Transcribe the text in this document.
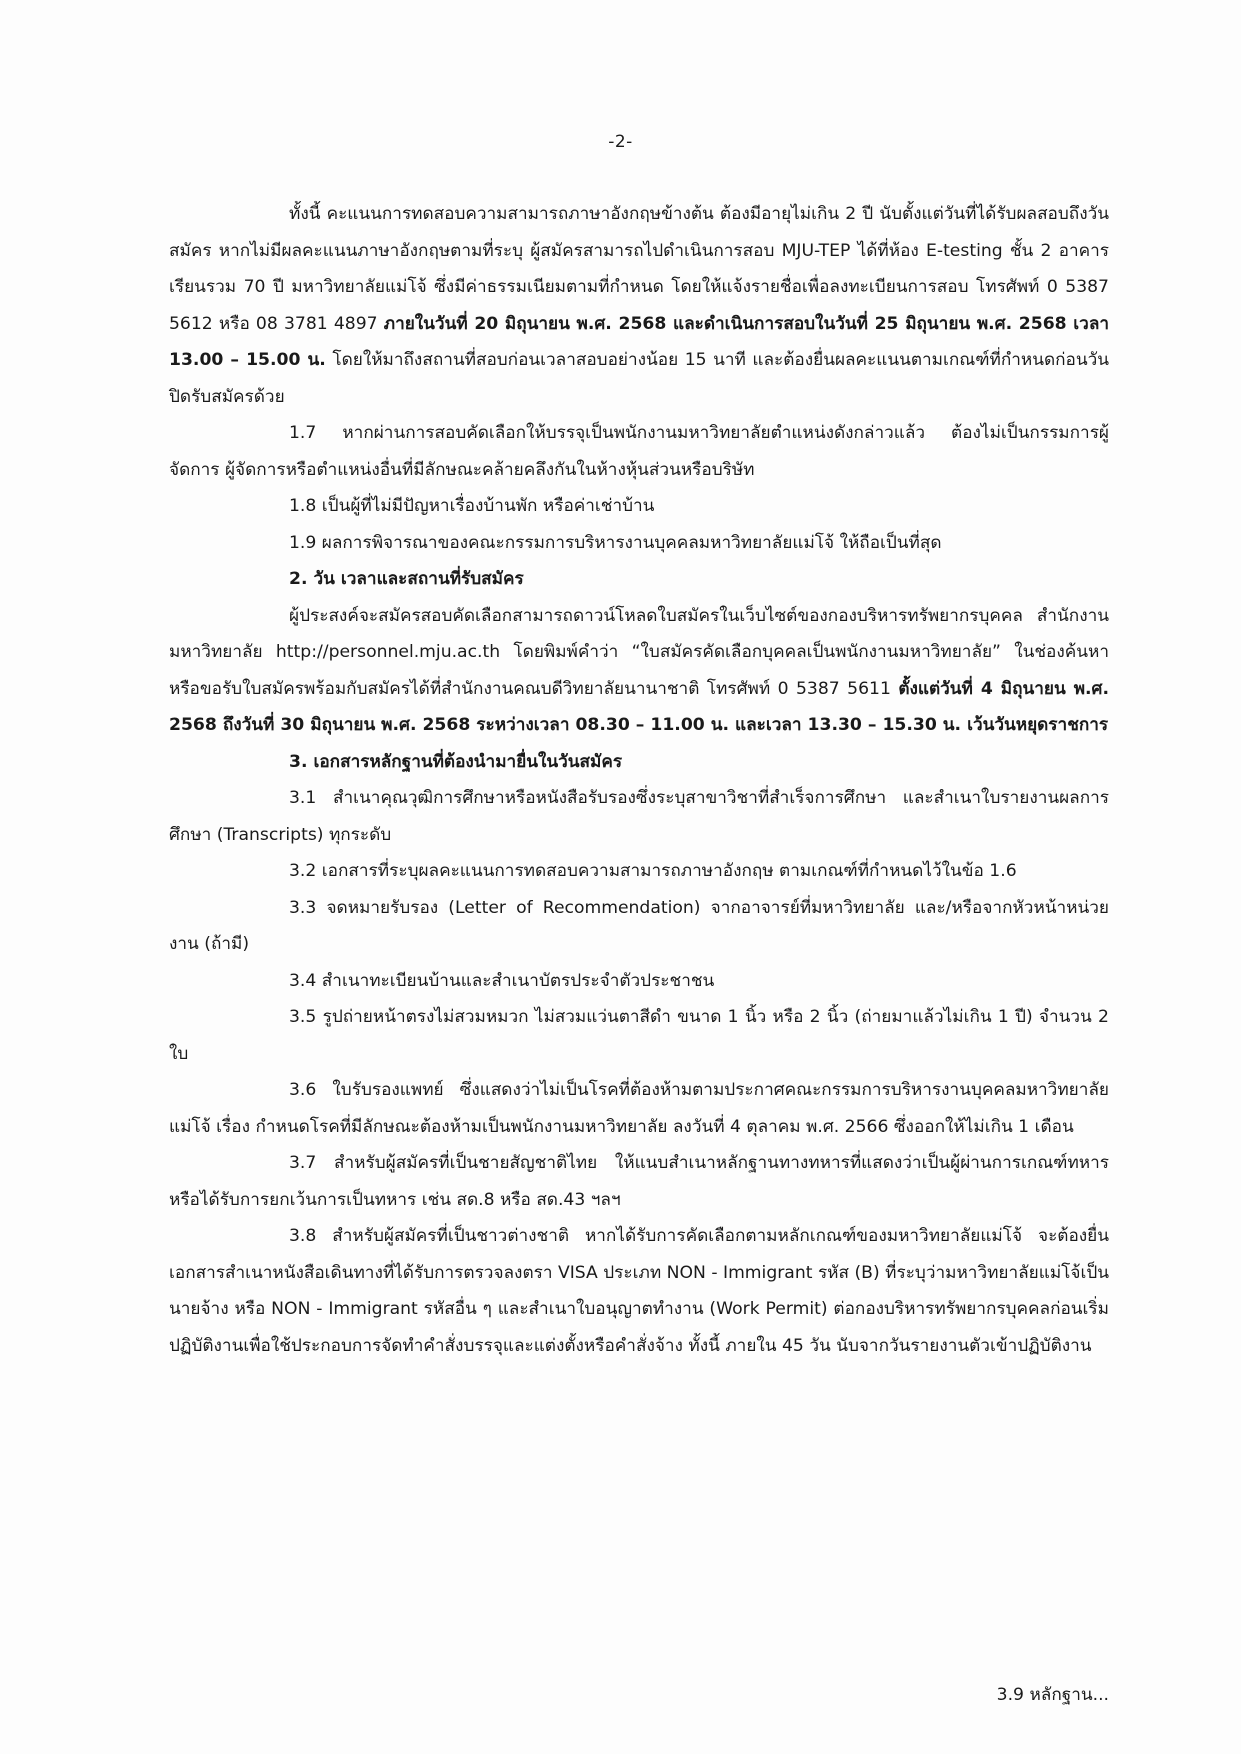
-2-

ทั้งนี้ คะแนนการทดสอบความสามารถภาษาอังกฤษข้างต้น ต้องมีอายุไม่เกิน 2 ปี นับตั้งแต่วันที่ได้รับผลสอบถึงวันสมัคร หากไม่มีผลคะแนนภาษาอังกฤษตามที่ระบุ ผู้สมัครสามารถไปดำเนินการสอบ MJU-TEP ได้ที่ห้อง E-testing ชั้น 2 อาคารเรียนรวม 70 ปี มหาวิทยาลัยแม่โจ้ ซึ่งมีค่าธรรมเนียมตามที่กำหนด โดยให้แจ้งรายชื่อเพื่อลงทะเบียนการสอบ โทรศัพท์ 0 5387 5612 หรือ 08 3781 4897 ภายในวันที่ 20 มิถุนายน พ.ศ. 2568 และดำเนินการสอบในวันที่ 25 มิถุนายน พ.ศ. 2568 เวลา 13.00 – 15.00 น. โดยให้มาถึงสถานที่สอบก่อนเวลาสอบอย่างน้อย 15 นาที และต้องยื่นผลคะแนนตามเกณฑ์ที่กำหนดก่อนวันปิดรับสมัครด้วย

1.7 หากผ่านการสอบคัดเลือกให้บรรจุเป็นพนักงานมหาวิทยาลัยตำแหน่งดังกล่าวแล้ว ต้องไม่เป็นกรรมการผู้จัดการ ผู้จัดการหรือตำแหน่งอื่นที่มีลักษณะคล้ายคลึงกันในห้างหุ้นส่วนหรือบริษัท

1.8 เป็นผู้ที่ไม่มีปัญหาเรื่องบ้านพัก หรือค่าเช่าบ้าน

1.9 ผลการพิจารณาของคณะกรรมการบริหารงานบุคคลมหาวิทยาลัยแม่โจ้ ให้ถือเป็นที่สุด

2. วัน เวลาและสถานที่รับสมัคร

ผู้ประสงค์จะสมัครสอบคัดเลือกสามารถดาวน์โหลดใบสมัครในเว็บไซต์ของกองบริหารทรัพยากรบุคคล สำนักงานมหาวิทยาลัย http://personnel.mju.ac.th โดยพิมพ์คำว่า “ใบสมัครคัดเลือกบุคคลเป็นพนักงานมหาวิทยาลัย” ในช่องค้นหา หรือขอรับใบสมัครพร้อมกับสมัครได้ที่สำนักงานคณบดีวิทยาลัยนานาชาติ โทรศัพท์ 0 5387 5611 ตั้งแต่วันที่ 4 มิถุนายน พ.ศ. 2568 ถึงวันที่ 30 มิถุนายน พ.ศ. 2568 ระหว่างเวลา 08.30 – 11.00 น. และเวลา 13.30 – 15.30 น. เว้นวันหยุดราชการ

3. เอกสารหลักฐานที่ต้องนำมายื่นในวันสมัคร

3.1 สำเนาคุณวุฒิการศึกษาหรือหนังสือรับรองซึ่งระบุสาขาวิชาที่สำเร็จการศึกษา และสำเนาใบรายงานผลการศึกษา (Transcripts) ทุกระดับ

3.2 เอกสารที่ระบุผลคะแนนการทดสอบความสามารถภาษาอังกฤษ ตามเกณฑ์ที่กำหนดไว้ในข้อ 1.6

3.3 จดหมายรับรอง (Letter of Recommendation) จากอาจารย์ที่มหาวิทยาลัย และ/หรือจากหัวหน้าหน่วยงาน (ถ้ามี)

3.4 สำเนาทะเบียนบ้านและสำเนาบัตรประจำตัวประชาชน

3.5 รูปถ่ายหน้าตรงไม่สวมหมวก ไม่สวมแว่นตาสีดำ ขนาด 1 นิ้ว หรือ 2 นิ้ว (ถ่ายมาแล้วไม่เกิน 1 ปี) จำนวน 2 ใบ

3.6 ใบรับรองแพทย์ ซึ่งแสดงว่าไม่เป็นโรคที่ต้องห้ามตามประกาศคณะกรรมการบริหารงานบุคคลมหาวิทยาลัยแม่โจ้ เรื่อง กำหนดโรคที่มีลักษณะต้องห้ามเป็นพนักงานมหาวิทยาลัย ลงวันที่ 4 ตุลาคม พ.ศ. 2566 ซึ่งออกให้ไม่เกิน 1 เดือน

3.7 สำหรับผู้สมัครที่เป็นชายสัญชาติไทย ให้แนบสำเนาหลักฐานทางทหารที่แสดงว่าเป็นผู้ผ่านการเกณฑ์ทหาร หรือได้รับการยกเว้นการเป็นทหาร เช่น สด.8 หรือ สด.43 ฯลฯ

3.8 สำหรับผู้สมัครที่เป็นชาวต่างชาติ หากได้รับการคัดเลือกตามหลักเกณฑ์ของมหาวิทยาลัยแม่โจ้ จะต้องยื่นเอกสารสำเนาหนังสือเดินทางที่ได้รับการตรวจลงตรา VISA ประเภท NON - Immigrant รหัส (B) ที่ระบุว่ามหาวิทยาลัยแม่โจ้เป็นนายจ้าง หรือ NON - Immigrant รหัสอื่น ๆ และสำเนาใบอนุญาตทำงาน (Work Permit) ต่อกองบริหารทรัพยากรบุคคลก่อนเริ่มปฏิบัติงานเพื่อใช้ประกอบการจัดทำคำสั่งบรรจุและแต่งตั้งหรือคำสั่งจ้าง ทั้งนี้ ภายใน 45 วัน นับจากวันรายงานตัวเข้าปฏิบัติงาน

3.9 หลักฐาน...
